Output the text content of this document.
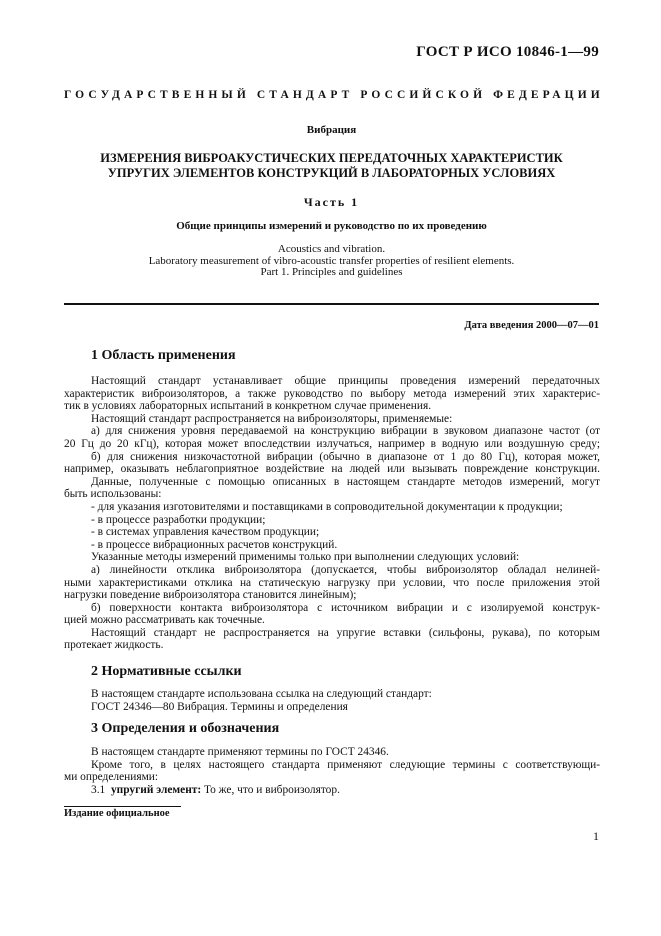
ГОСТ Р ИСО 10846-1—99
ГОСУДАРСТВЕННЫЙ СТАНДАРТ РОССИЙСКОЙ ФЕДЕРАЦИИ
Вибрация
ИЗМЕРЕНИЯ ВИБРОАКУСТИЧЕСКИХ ПЕРЕДАТОЧНЫХ ХАРАКТЕРИСТИК
УПРУГИХ ЭЛЕМЕНТОВ КОНСТРУКЦИЙ В ЛАБОРАТОРНЫХ УСЛОВИЯХ
Часть 1
Общие принципы измерений и руководство по их проведению
Acoustics and vibration.
Laboratory measurement of vibro-acoustic transfer properties of resilient elements.
Part 1. Principles and guidelines
Дата введения 2000—07—01
1 Область применения
Настоящий стандарт устанавливает общие принципы проведения измерений передаточных
характеристик виброизоляторов, а также руководство по выбору метода измерений этих характерис-
тик в условиях лабораторных испытаний в конкретном случае применения.
Настоящий стандарт распространяется на виброизоляторы, применяемые:
а) для снижения уровня передаваемой на конструкцию вибрации в звуковом диапазоне частот (от
20 Гц до 20 кГц), которая может впоследствии излучаться, например в водную или воздушную среду;
б) для снижения низкочастотной вибрации (обычно в диапазоне от 1 до 80 Гц), которая может,
например, оказывать неблагоприятное воздействие на людей или вызывать повреждение конструкции.
Данные, полученные с помощью описанных в настоящем стандарте методов измерений, могут
быть использованы:
- для указания изготовителями и поставщиками в сопроводительной документации к продукции;
- в процессе разработки продукции;
- в системах управления качеством продукции;
- в процессе вибрационных расчетов конструкций.
Указанные методы измерений применимы только при выполнении следующих условий:
а) линейности отклика виброизолятора (допускается, чтобы виброизолятор обладал нелиней-
ными характеристиками отклика на статическую нагрузку при условии, что после приложения этой
нагрузки поведение виброизолятора становится линейным);
б) поверхности контакта виброизолятора с источником вибрации и с изолируемой конструк-
цией можно рассматривать как точечные.
Настоящий стандарт не распространяется на упругие вставки (сильфоны, рукава), по которым
протекает жидкость.
2 Нормативные ссылки
В настоящем стандарте использована ссылка на следующий стандарт:
ГОСТ 24346—80 Вибрация. Термины и определения
3 Определения и обозначения
В настоящем стандарте применяют термины по ГОСТ 24346.
Кроме того, в целях настоящего стандарта применяют следующие термины с соответствующи-
ми определениями:
3.1 упругий элемент: То же, что и виброизолятор.
Издание официальное
1
